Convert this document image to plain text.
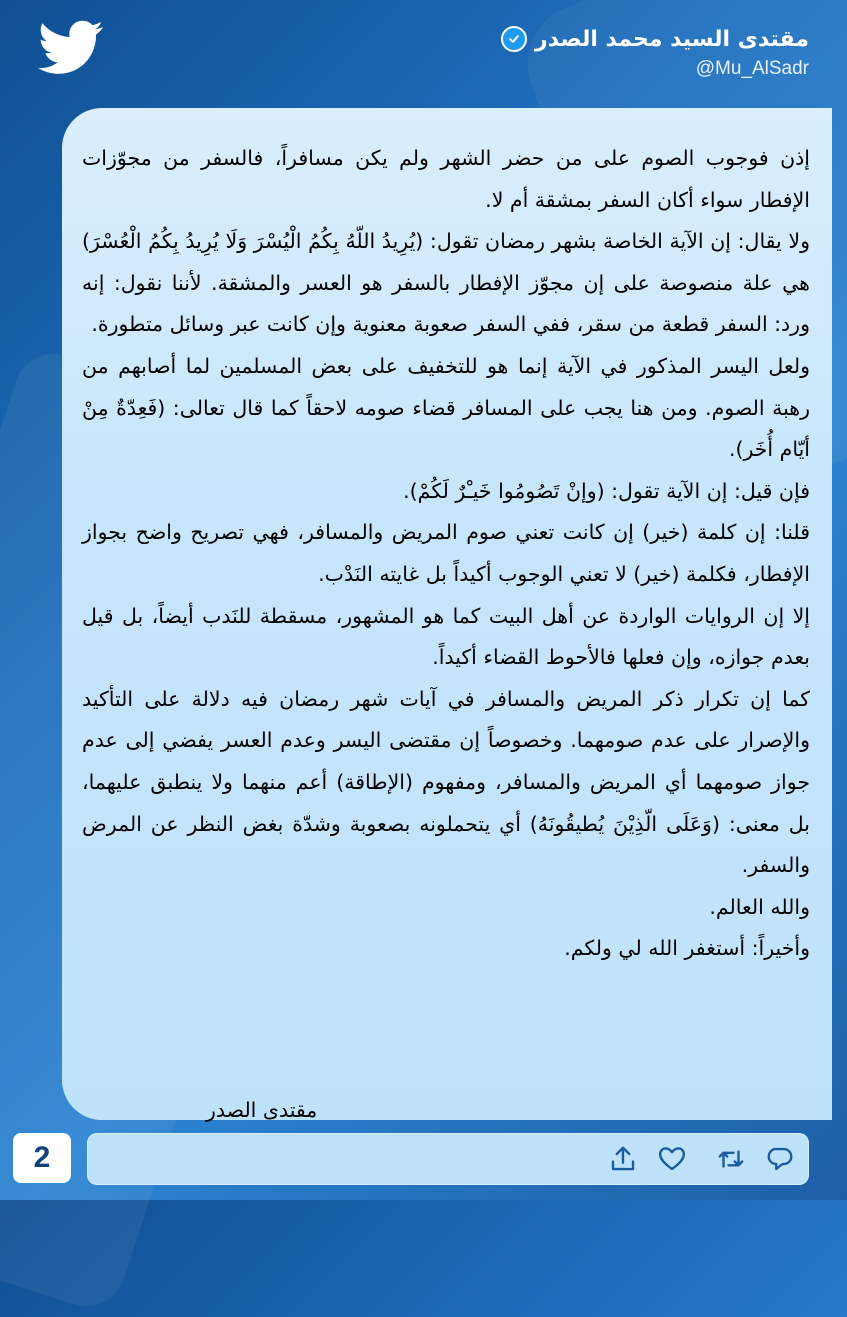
مقتدى السيد محمد الصدر
@Mu_AlSadr

إذن فوجوب الصوم على من حضر الشهر ولم يكن مسافراً، فالسفر من مجوّزات الإفطار سواء أكان السفر بمشقة أم لا.

ولا يقال: إن الآية الخاصة بشهر رمضان تقول: (يُرِيدُ اللّهُ بِكُمُ الْيُسْرَ وَلَا يُرِيدُ بِكُمُ الْعُسْرَ) هي علة منصوصة على إن مجوّز الإفطار بالسفر هو العسر والمشقة. لأننا نقول: إنه ورد: السفر قطعة من سقر، ففي السفر صعوبة معنوية وإن كانت عبر وسائل متطورة.

ولعل اليسر المذكور في الآية إنما هو للتخفيف على بعض المسلمين لما أصابهم من رهبة الصوم. ومن هنا يجب على المسافر قضاء صومه لاحقاً كما قال تعالى: (فَعِدّةٌ مِنْ أيّام أُخَر).

فإن قيل: إن الآية تقول: (وإنْ تَصُومُوا خَيـْرٌ لَكُمْ).

قلنا: إن كلمة (خير) إن كانت تعني صوم المريض والمسافر، فهي تصريح واضح بجواز الإفطار، فكلمة (خير) لا تعني الوجوب أكيداً بل غايته النَدْب.

إلا إن الروايات الواردة عن أهل البيت كما هو المشهور، مسقطة للنَدب أيضاً، بل قيل بعدم جوازه، وإن فعلها فالأحوط القضاء أكيداً.

كما إن تكرار ذكر المريض والمسافر في آيات شهر رمضان فيه دلالة على التأكيد والإصرار على عدم صومهما. وخصوصاً إن مقتضى اليسر وعدم العسر يفضي إلى عدم جواز صومهما أي المريض والمسافر، ومفهوم (الإطاقة) أعم منهما ولا ينطبق عليهما، بل معنى: (وَعَلَى الّذِيْنَ يُطيقُونَهُ) أي يتحملونه بصعوبة وشدّة بغض النظر عن المرض والسفر.

والله العالم.

وأخيراً: أستغفر الله لي ولكم.

مقتدى الصدر
2
